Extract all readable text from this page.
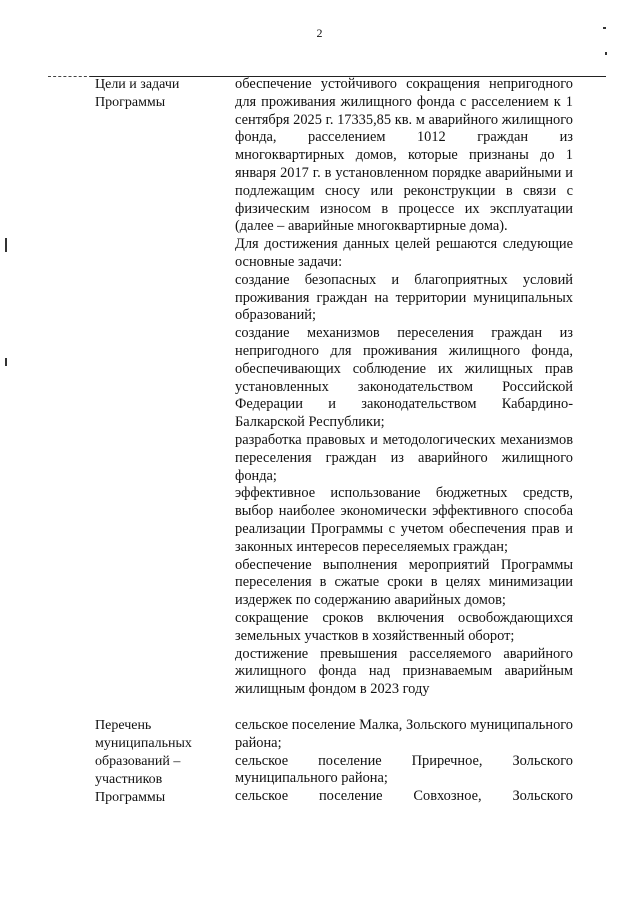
2
Цели и задачи
Программы

обеспечение устойчивого сокращения непригодного для проживания жилищного фонда с расселением к 1 сентября 2025 г. 17335,85 кв. м аварийного жилищного фонда, расселением 1012 граждан из многоквартирных домов, которые признаны до 1 января 2017 г. в установленном порядке аварийными и подлежащим сносу или реконструкции в связи с физическим износом в процессе их эксплуатации (далее – аварийные многоквартирные дома).

Для достижения данных целей решаются следующие основные задачи:

создание безопасных и благоприятных условий проживания граждан на территории муниципальных образований;

создание механизмов переселения граждан из непригодного для проживания жилищного фонда, обеспечивающих соблюдение их жилищных прав установленных законодательством Российской Федерации и законодательством Кабардино-Балкарской Республики;

разработка правовых и методологических механизмов переселения граждан из аварийного жилищного фонда;

эффективное использование бюджетных средств, выбор наиболее экономически эффективного способа реализации Программы с учетом обеспечения прав и законных интересов переселяемых граждан;

обеспечение выполнения мероприятий Программы переселения в сжатые сроки в целях минимизации издержек по содержанию аварийных домов;

сокращение сроков включения освобождающихся земельных участков в хозяйственный оборот;

достижение превышения расселяемого аварийного жилищного фонда над признаваемым аварийным жилищным фондом в 2023 году

Перечень
муниципальных
образований –
участников
Программы

сельское поселение Малка, Зольского муниципального района;

сельское поселение Приречное, Зольского муниципального района;

сельское поселение Совхозное, Зольского
